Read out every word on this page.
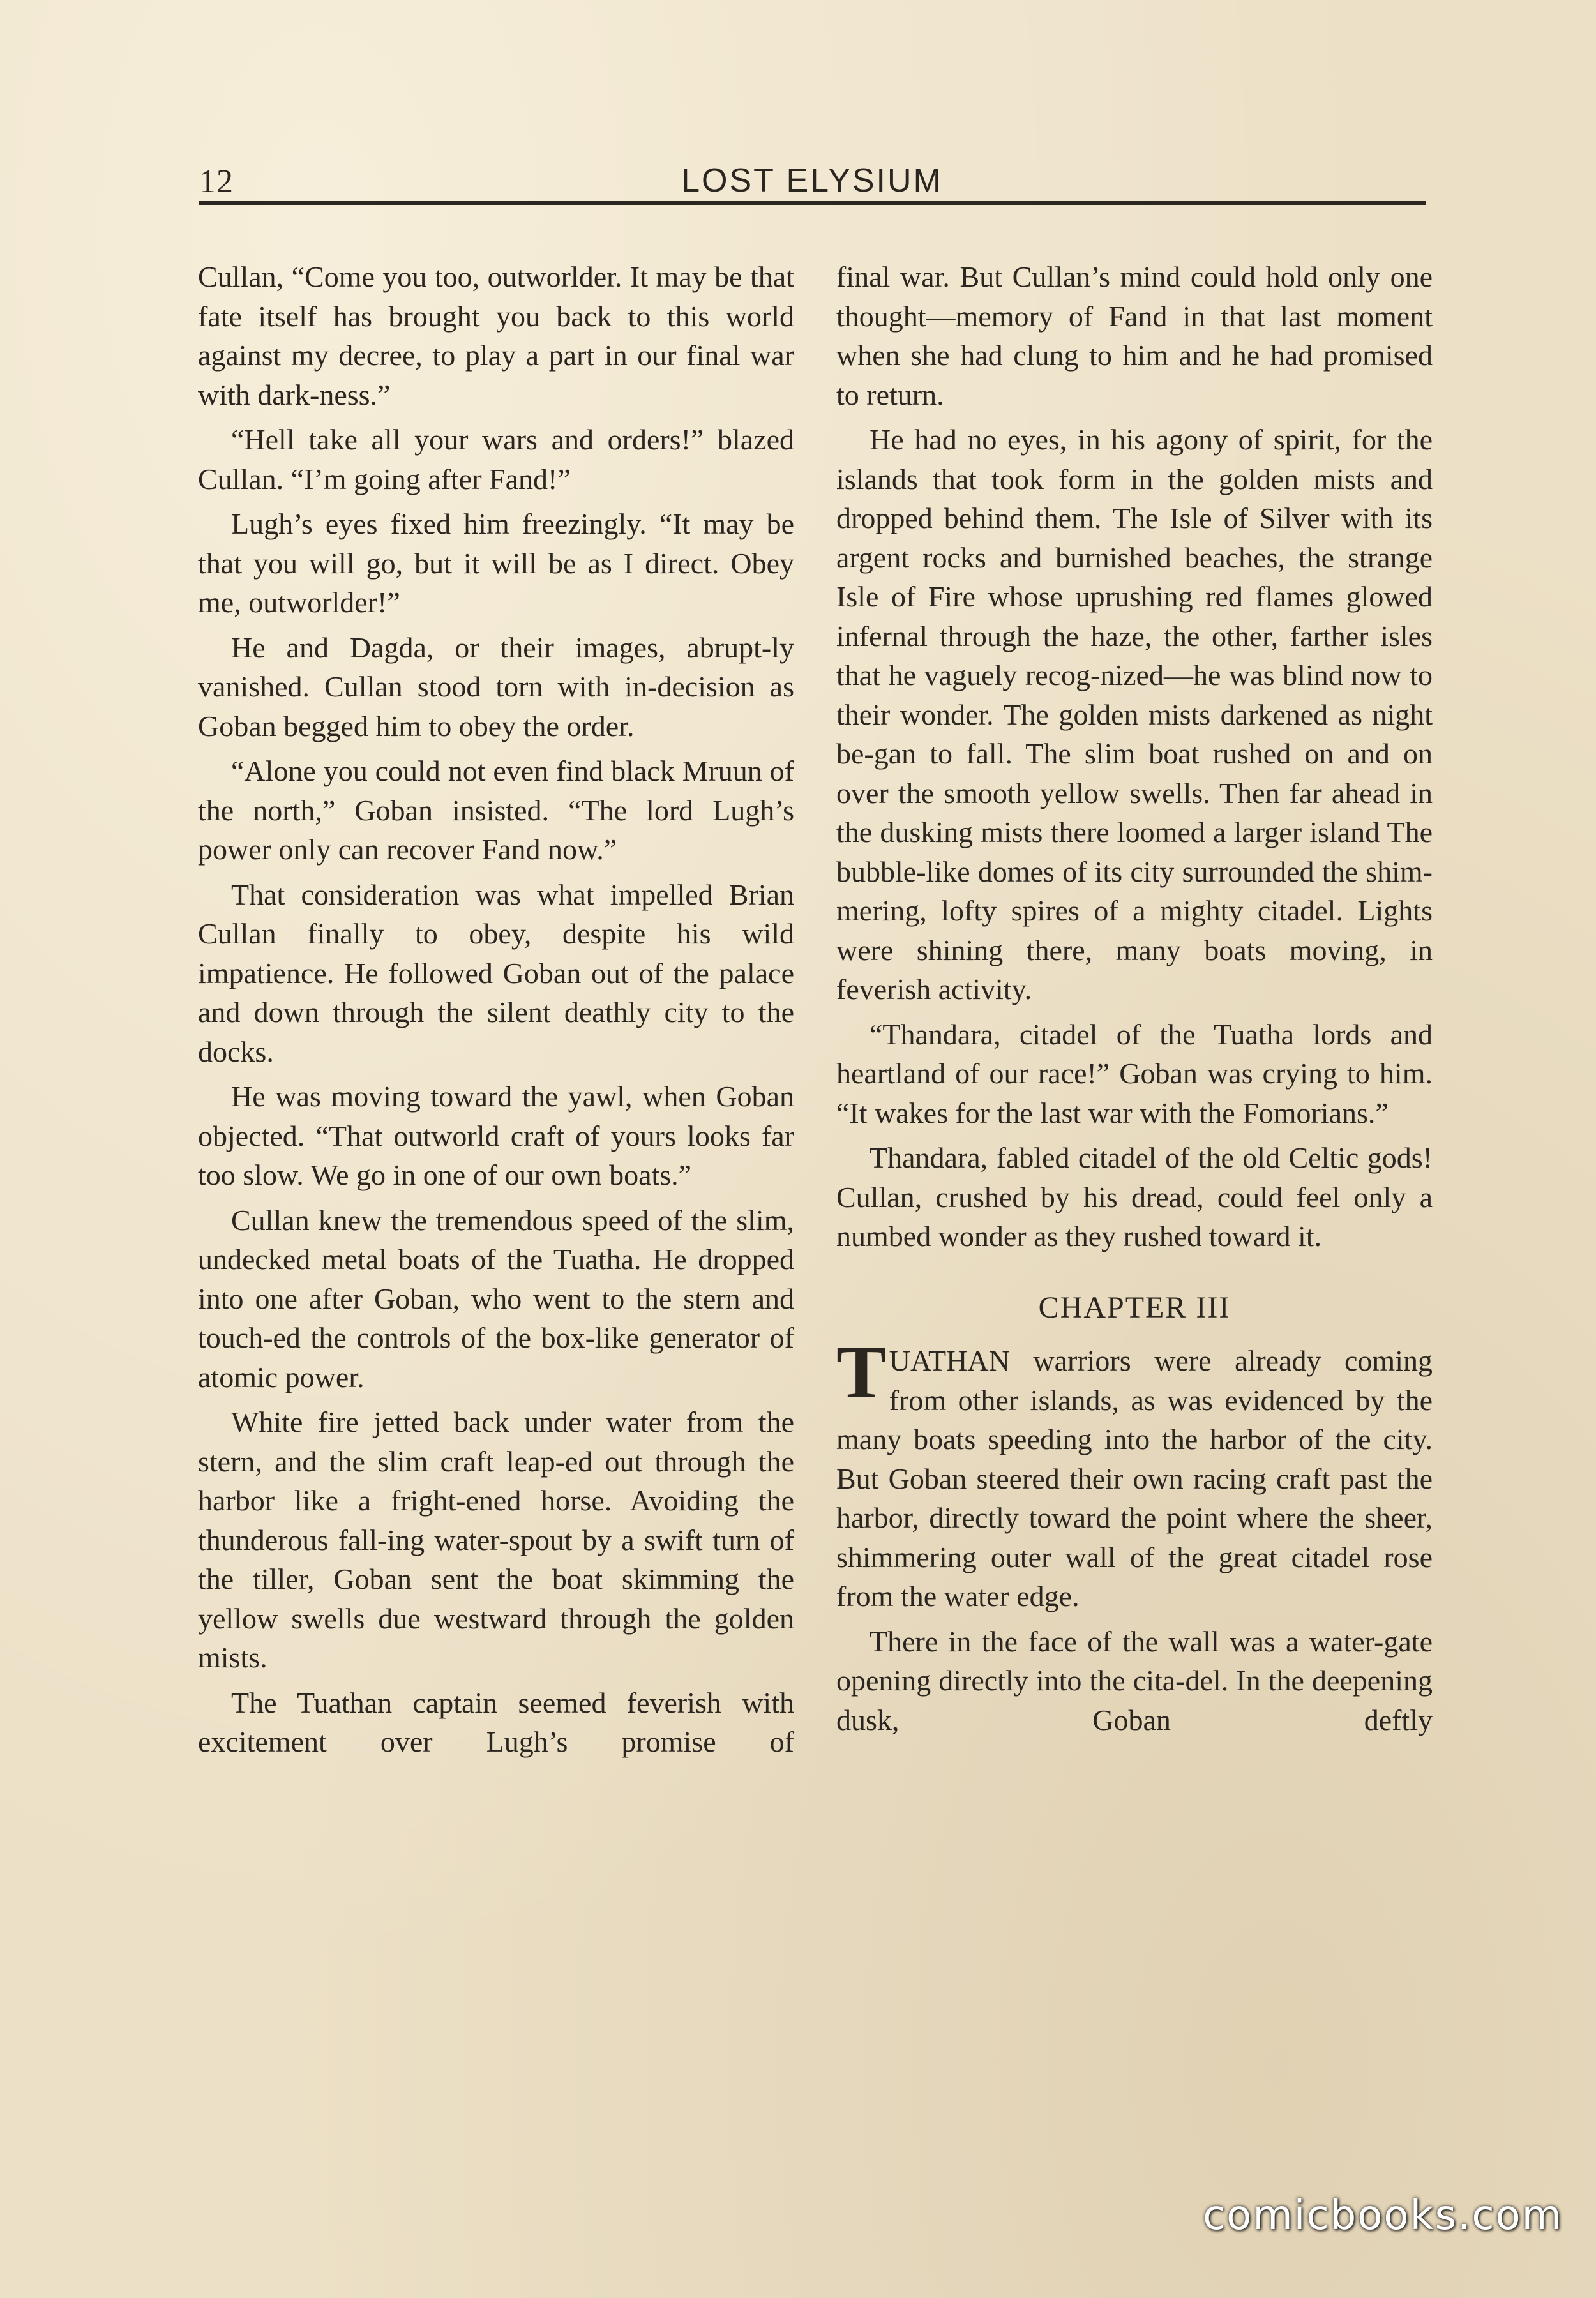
12	LOST ELYSIUM

Cullan, “Come you too, outworlder. It may be that fate itself has brought you back to this world against my decree, to play a part in our final war with dark-ness.”

“Hell take all your wars and orders!” blazed Cullan. “I’m going after Fand!”

Lugh’s eyes fixed him freezingly. “It may be that you will go, but it will be as I direct. Obey me, outworlder!”

He and Dagda, or their images, abrupt-ly vanished. Cullan stood torn with in-decision as Goban begged him to obey the order.

“Alone you could not even find black Mruun of the north,” Goban insisted. “The lord Lugh’s power only can recover Fand now.”

That consideration was what impelled Brian Cullan finally to obey, despite his wild impatience. He followed Goban out of the palace and down through the silent deathly city to the docks.

He was moving toward the yawl, when Goban objected. “That outworld craft of yours looks far too slow. We go in one of our own boats.”

Cullan knew the tremendous speed of the slim, undecked metal boats of the Tuatha. He dropped into one after Goban, who went to the stern and touch-ed the controls of the box-like generator of atomic power.

White fire jetted back under water from the stern, and the slim craft leap-ed out through the harbor like a fright-ened horse. Avoiding the thunderous fall-ing water-spout by a swift turn of the tiller, Goban sent the boat skimming the yellow swells due westward through the golden mists.

The Tuathan captain seemed feverish with excitement over Lugh’s promise of

final war. But Cullan’s mind could hold only one thought—memory of Fand in that last moment when she had clung to him and he had promised to return.

He had no eyes, in his agony of spirit, for the islands that took form in the golden mists and dropped behind them. The Isle of Silver with its argent rocks and burnished beaches, the strange Isle of Fire whose uprushing red flames glowed infernal through the haze, the other, farther isles that he vaguely recog-nized—he was blind now to their wonder. The golden mists darkened as night be-gan to fall. The slim boat rushed on and on over the smooth yellow swells. Then far ahead in the dusking mists there loomed a larger island The bubble-like domes of its city surrounded the shim-mering, lofty spires of a mighty citadel. Lights were shining there, many boats moving, in feverish activity.

“Thandara, citadel of the Tuatha lords and heartland of our race!” Goban was crying to him. “It wakes for the last war with the Fomorians.”

Thandara, fabled citadel of the old Celtic gods! Cullan, crushed by his dread, could feel only a numbed wonder as they rushed toward it.

CHAPTER III

TUATHAN warriors were already coming from other islands, as was evidenced by the many boats speeding into the harbor of the city. But Goban steered their own racing craft past the harbor, directly toward the point where the sheer, shimmering outer wall of the great citadel rose from the water edge.

There in the face of the wall was a water-gate opening directly into the cita-del. In the deepening dusk, Goban deftly

comicbooks.com
